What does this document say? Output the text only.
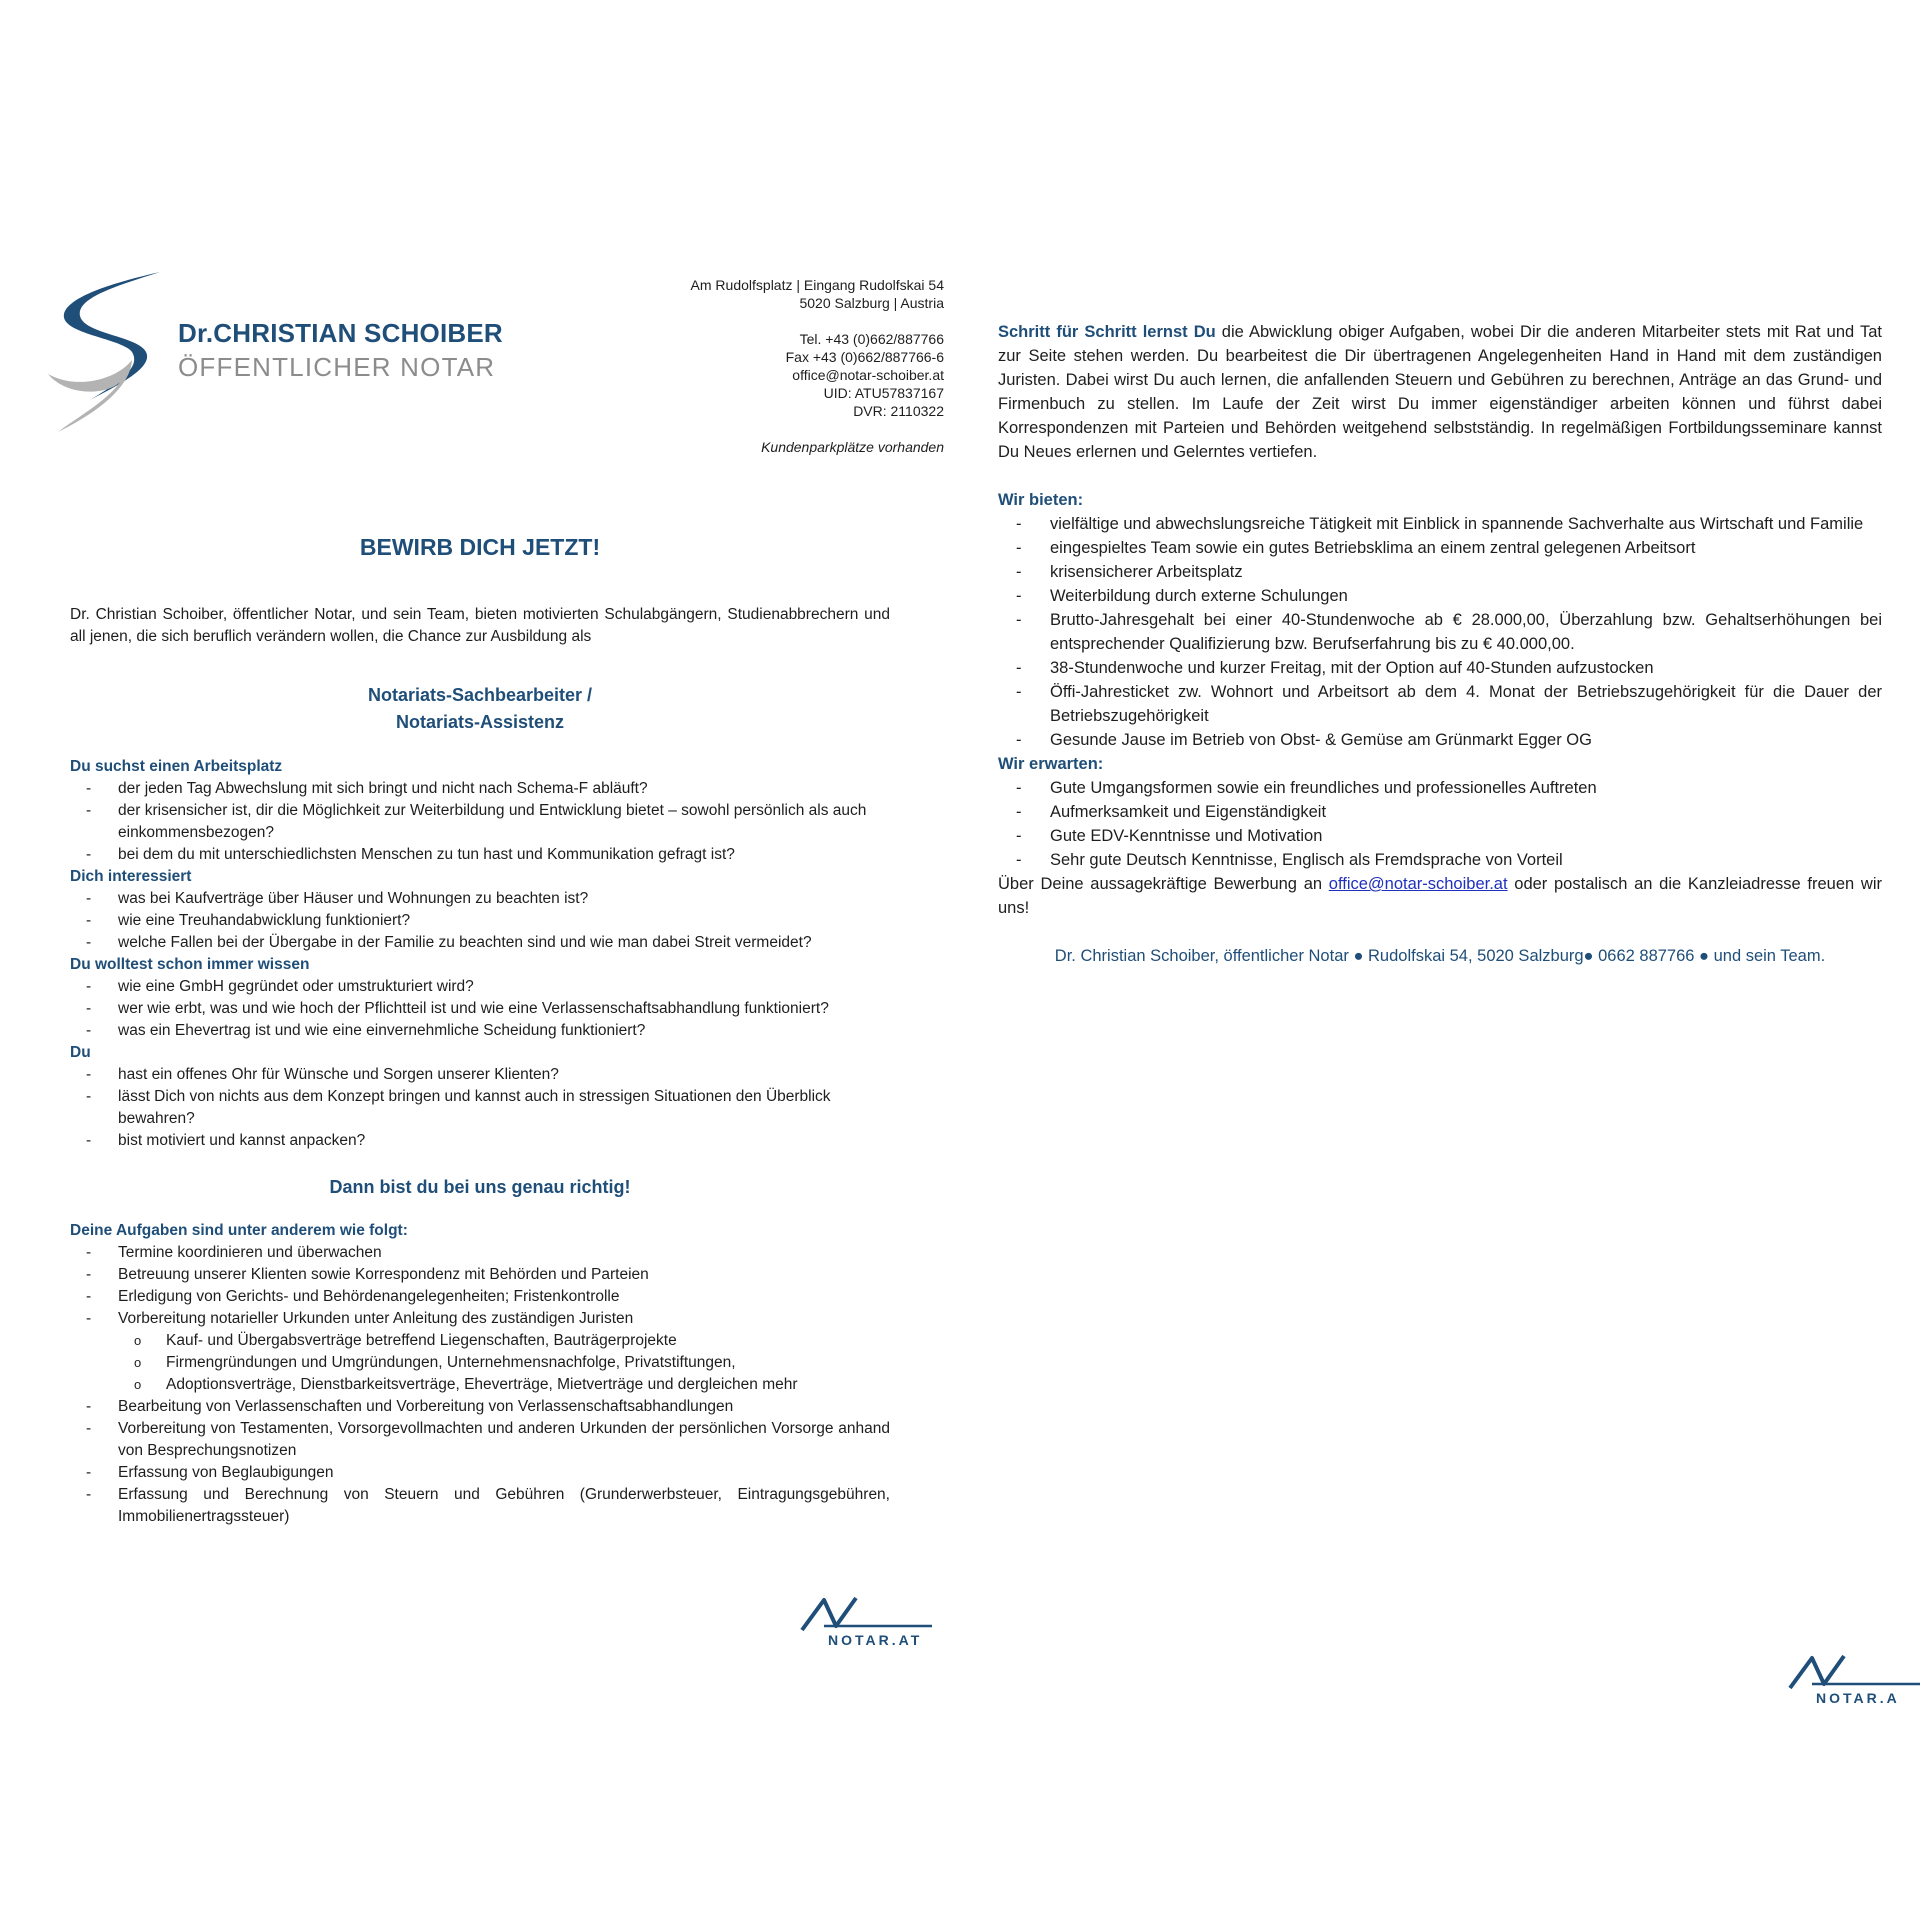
Dr.CHRISTIAN SCHOIBER
ÖFFENTLICHER NOTAR
Am Rudolfsplatz | Eingang Rudolfskai 54
5020 Salzburg | Austria
Tel. +43 (0)662/887766
Fax +43 (0)662/887766-6
office@notar-schoiber.at
UID: ATU57837167
DVR: 2110322
Kundenparkplätze vorhanden
BEWIRB DICH JETZT!
Dr. Christian Schoiber, öffentlicher Notar, und sein Team, bieten motivierten Schulabgängern, Studienabbrechern und all jenen, die sich beruflich verändern wollen, die Chance zur Ausbildung als
Notariats-Sachbearbeiter /
Notariats-Assistenz
Du suchst einen Arbeitsplatz
- der jeden Tag Abwechslung mit sich bringt und nicht nach Schema-F abläuft?
- der krisensicher ist, dir die Möglichkeit zur Weiterbildung und Entwicklung bietet – sowohl persönlich als auch einkommensbezogen?
- bei dem du mit unterschiedlichsten Menschen zu tun hast und Kommunikation gefragt ist?
Dich interessiert
- was bei Kaufverträge über Häuser und Wohnungen zu beachten ist?
- wie eine Treuhandabwicklung funktioniert?
- welche Fallen bei der Übergabe in der Familie zu beachten sind und wie man dabei Streit vermeidet?
Du wolltest schon immer wissen
- wie eine GmbH gegründet oder umstrukturiert wird?
- wer wie erbt, was und wie hoch der Pflichtteil ist und wie eine Verlassenschaftsabhandlung funktioniert?
- was ein Ehevertrag ist und wie eine einvernehmliche Scheidung funktioniert?
Du
- hast ein offenes Ohr für Wünsche und Sorgen unserer Klienten?
- lässt Dich von nichts aus dem Konzept bringen und kannst auch in stressigen Situationen den Überblick bewahren?
- bist motiviert und kannst anpacken?
Dann bist du bei uns genau richtig!
Deine Aufgaben sind unter anderem wie folgt:
- Termine koordinieren und überwachen
- Betreuung unserer Klienten sowie Korrespondenz mit Behörden und Parteien
- Erledigung von Gerichts- und Behördenangelegenheiten; Fristenkontrolle
- Vorbereitung notarieller Urkunden unter Anleitung des zuständigen Juristen
o Kauf- und Übergabsverträge betreffend Liegenschaften, Bauträgerprojekte
o Firmengründungen und Umgründungen, Unternehmensnachfolge, Privatstiftungen,
o Adoptionsverträge, Dienstbarkeitsverträge, Eheverträge, Mietverträge und dergleichen mehr
- Bearbeitung von Verlassenschaften und Vorbereitung von Verlassenschaftsabhandlungen
- Vorbereitung von Testamenten, Vorsorgevollmachten und anderen Urkunden der persönlichen Vorsorge anhand von Besprechungsnotizen
- Erfassung von Beglaubigungen
- Erfassung und Berechnung von Steuern und Gebühren (Grunderwerbsteuer, Eintragungsgebühren, Immobilienertragssteuer)
Schritt für Schritt lernst Du die Abwicklung obiger Aufgaben, wobei Dir die anderen Mitarbeiter stets mit Rat und Tat zur Seite stehen werden. Du bearbeitest die Dir übertragenen Angelegenheiten Hand in Hand mit dem zuständigen Juristen. Dabei wirst Du auch lernen, die anfallenden Steuern und Gebühren zu berechnen, Anträge an das Grund- und Firmenbuch zu stellen. Im Laufe der Zeit wirst Du immer eigenständiger arbeiten können und führst dabei Korrespondenzen mit Parteien und Behörden weitgehend selbstständig. In regelmäßigen Fortbildungsseminare kannst Du Neues erlernen und Gelerntes vertiefen.
Wir bieten:
- vielfältige und abwechslungsreiche Tätigkeit mit Einblick in spannende Sachverhalte aus Wirtschaft und Familie
- eingespieltes Team sowie ein gutes Betriebsklima an einem zentral gelegenen Arbeitsort
- krisensicherer Arbeitsplatz
- Weiterbildung durch externe Schulungen
- Brutto-Jahresgehalt bei einer 40-Stundenwoche ab € 28.000,00, Überzahlung bzw. Gehaltserhöhungen bei entsprechender Qualifizierung bzw. Berufserfahrung bis zu € 40.000,00.
- 38-Stundenwoche und kurzer Freitag, mit der Option auf 40-Stunden aufzustocken
- Öffi-Jahresticket zw. Wohnort und Arbeitsort ab dem 4. Monat der Betriebszugehörigkeit für die Dauer der Betriebszugehörigkeit
- Gesunde Jause im Betrieb von Obst- & Gemüse am Grünmarkt Egger OG
Wir erwarten:
- Gute Umgangsformen sowie ein freundliches und professionelles Auftreten
- Aufmerksamkeit und Eigenständigkeit
- Gute EDV-Kenntnisse und Motivation
- Sehr gute Deutsch Kenntnisse, Englisch als Fremdsprache von Vorteil
Über Deine aussagekräftige Bewerbung an office@notar-schoiber.at oder postalisch an die Kanzleiadresse freuen wir uns!
Dr. Christian Schoiber, öffentlicher Notar ● Rudolfskai 54, 5020 Salzburg● 0662 887766 ● und sein Team.
NOTAR.AT
NOTAR.A
